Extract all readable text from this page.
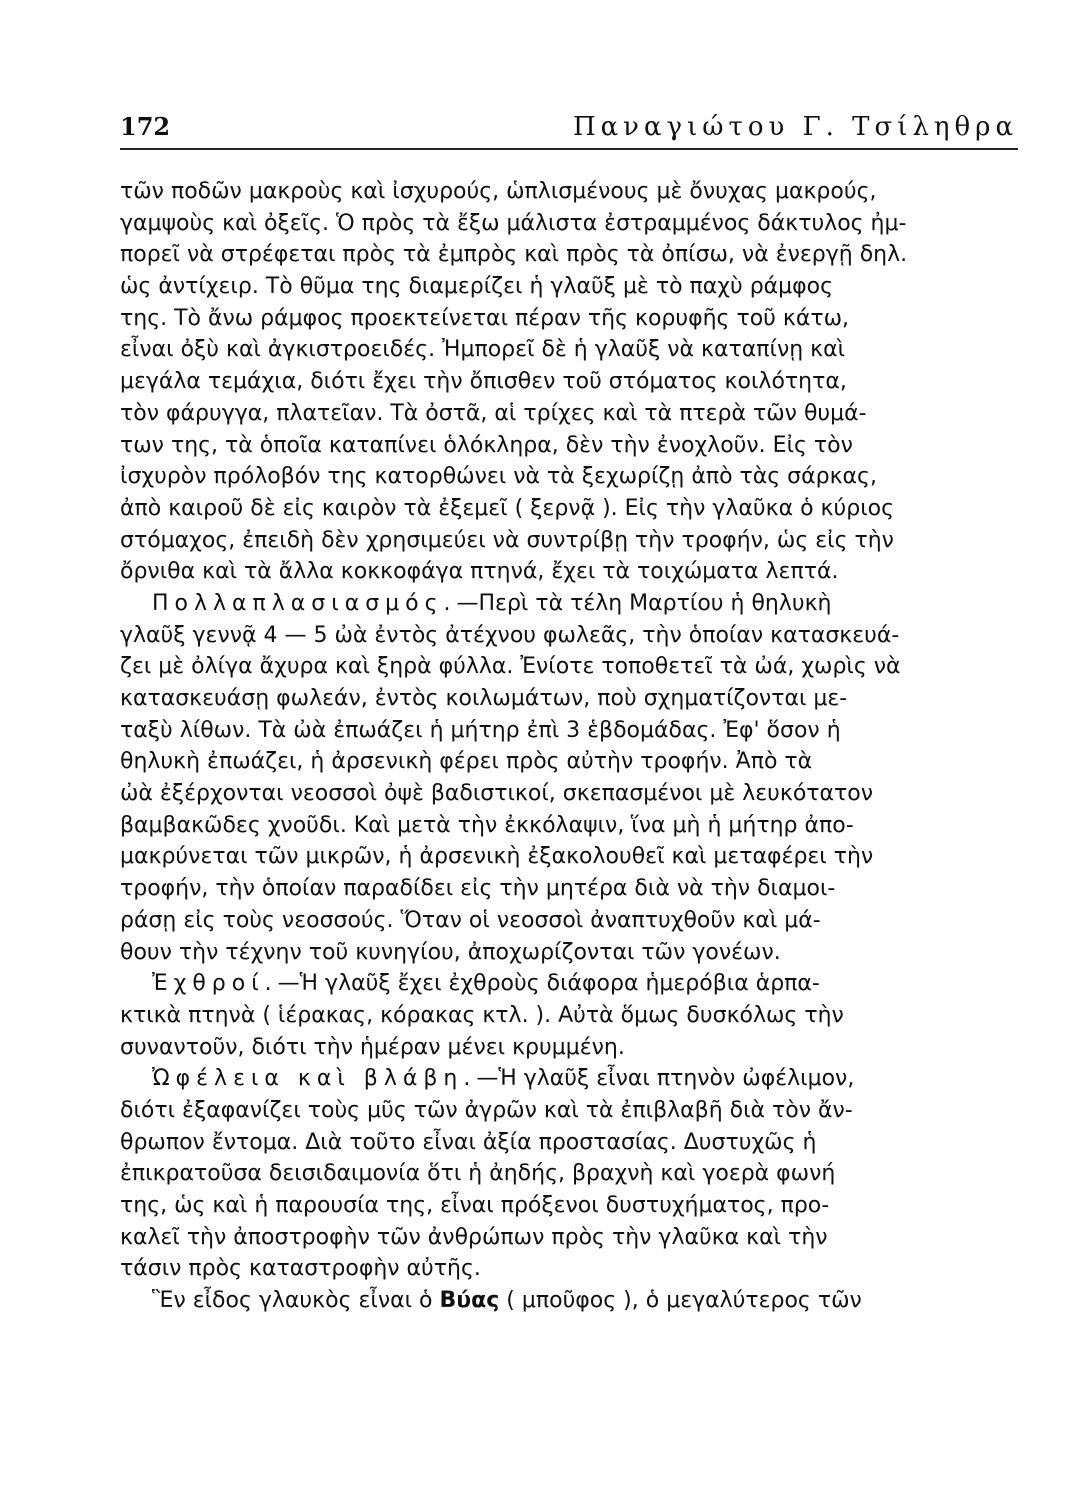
172	Παναγιώτου Γ. Τσίληθρα
τῶν ποδῶν μακροὺς καὶ ἰσχυρούς, ὡπλισμένους μὲ ὄνυχας μακρούς,
γαμψοὺς καὶ ὀξεῖς. Ὁ πρὸς τὰ ἔξω μάλιστα ἐστραμμένος δάκτυλος ἠμ-
πορεῖ νὰ στρέφεται πρὸς τὰ ἐμπρὸς καὶ πρὸς τὰ ὀπίσω, νὰ ἐνεργῇ δηλ.
ὡς ἀντίχειρ. Τὸ θῦμα της διαμερίζει ἡ γλαῦξ μὲ τὸ παχὺ ράμφος
της. Τὸ ἄνω ράμφος προεκτείνεται πέραν τῆς κορυφῆς τοῦ κάτω,
εἶναι ὀξὺ καὶ ἀγκιστροειδές. Ἠμπορεῖ δὲ ἡ γλαῦξ νὰ καταπίνῃ καὶ
μεγάλα τεμάχια, διότι ἔχει τὴν ὄπισθεν τοῦ στόματος κοιλότητα,
τὸν φάρυγγα, πλατεῖαν. Τὰ ὀστᾶ, αἱ τρίχες καὶ τὰ πτερὰ τῶν θυμά-
των της, τὰ ὁποῖα καταπίνει ὁλόκληρα, δὲν τὴν ἐνοχλοῦν. Εἰς τὸν
ἰσχυρὸν πρόλοβόν της κατορθώνει νὰ τὰ ξεχωρίζῃ ἀπὸ τὰς σάρκας,
ἀπὸ καιροῦ δὲ εἰς καιρὸν τὰ ἐξεμεῖ ( ξερνᾷ ). Εἰς τὴν γλαῦκα ὁ κύριος
στόμαχος, ἐπειδὴ δὲν χρησιμεύει νὰ συντρίβῃ τὴν τροφήν, ὡς εἰς τὴν
ὄρνιθα καὶ τὰ ἄλλα κοκκοφάγα πτηνά, ἔχει τὰ τοιχώματα λεπτά.
Πολλαπλασιασμός.—Περὶ τὰ τέλη Μαρτίου ἡ θηλυκὴ
γλαῦξ γεννᾷ 4 — 5 ὠὰ ἐντὸς ἀτέχνου φωλεᾶς, τὴν ὁποίαν κατασκευά-
ζει μὲ ὀλίγα ἄχυρα καὶ ξηρὰ φύλλα. Ἐνίοτε τοποθετεῖ τὰ ὠά, χωρὶς νὰ
κατασκευάσῃ φωλεάν, ἐντὸς κοιλωμάτων, ποὺ σχηματίζονται με-
ταξὺ λίθων. Τὰ ὠὰ ἐπωάζει ἡ μήτηρ ἐπὶ 3 ἑβδομάδας. Ἐφ' ὅσον ἡ
θηλυκὴ ἐπωάζει, ἡ ἀρσενικὴ φέρει πρὸς αὐτὴν τροφήν. Ἀπὸ τὰ
ὠὰ ἐξέρχονται νεοσσοὶ ὀψὲ βαδιστικοί, σκεπασμένοι μὲ λευκότατον
βαμβακῶδες χνοῦδι. Καὶ μετὰ τὴν ἐκκόλαψιν, ἵνα μὴ ἡ μήτηρ ἀπο-
μακρύνεται τῶν μικρῶν, ἡ ἀρσενικὴ ἐξακολουθεῖ καὶ μεταφέρει τὴν
τροφήν, τὴν ὁποίαν παραδίδει εἰς τὴν μητέρα διὰ νὰ τὴν διαμοι-
ράσῃ εἰς τοὺς νεοσσούς. Ὅταν οἱ νεοσσοὶ ἀναπτυχθοῦν καὶ μά-
θουν τὴν τέχνην τοῦ κυνηγίου, ἀποχωρίζονται τῶν γονέων.
Ἐχθροί.—Ἡ γλαῦξ ἔχει ἐχθροὺς διάφορα ἡμερόβια ἁρπα-
κτικὰ πτηνὰ ( ἱέρακας, κόρακας κτλ. ). Αὐτὰ ὅμως δυσκόλως τὴν
συναντοῦν, διότι τὴν ἡμέραν μένει κρυμμένη.
Ὠφέλεια καὶ βλάβη.—Ἡ γλαῦξ εἶναι πτηνὸν ὠφέλιμον,
διότι ἐξαφανίζει τοὺς μῦς τῶν ἀγρῶν καὶ τὰ ἐπιβλαβῆ διὰ τὸν ἄν-
θρωπον ἔντομα. Διὰ τοῦτο εἶναι ἀξία προστασίας. Δυστυχῶς ἡ
ἐπικρατοῦσα δεισιδαιμονία ὅτι ἡ ἀηδής, βραχνὴ καὶ γοερὰ φωνή
της, ὡς καὶ ἡ παρουσία της, εἶναι πρόξενοι δυστυχήματος, προ-
καλεῖ τὴν ἀποστροφὴν τῶν ἀνθρώπων πρὸς τὴν γλαῦκα καὶ τὴν
τάσιν πρὸς καταστροφὴν αὐτῆς.
Ἓν εἶδος γλαυκὸς εἶναι ὁ Βύας ( μποῦφος ), ὁ μεγαλύτερος τῶν
